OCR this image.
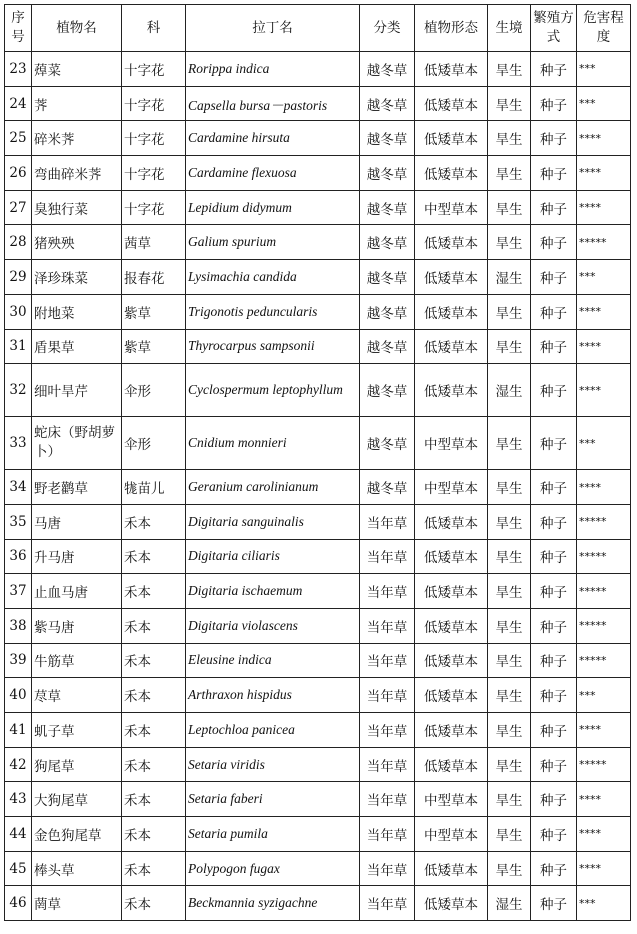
序号	植物名	科	拉丁名	分类	植物形态	生境	繁殖方式	危害程度
23	蔊菜	十字花	Rorippa indica	越冬草	低矮草本	旱生	种子	***
24	荠	十字花	Capsella bursa－pastoris	越冬草	低矮草本	旱生	种子	***
25	碎米荠	十字花	Cardamine hirsuta	越冬草	低矮草本	旱生	种子	****
26	弯曲碎米荠	十字花	Cardamine flexuosa	越冬草	低矮草本	旱生	种子	****
27	臭独行菜	十字花	Lepidium didymum	越冬草	中型草本	旱生	种子	****
28	猪殃殃	茜草	Galium spurium	越冬草	低矮草本	旱生	种子	*****
29	泽珍珠菜	报春花	Lysimachia candida	越冬草	低矮草本	湿生	种子	***
30	附地菜	紫草	Trigonotis peduncularis	越冬草	低矮草本	旱生	种子	****
31	盾果草	紫草	Thyrocarpus sampsonii	越冬草	低矮草本	旱生	种子	****
32	细叶旱芹	伞形	Cyclospermum leptophyllum	越冬草	低矮草本	湿生	种子	****
33	蛇床（野胡萝卜）	伞形	Cnidium monnieri	越冬草	中型草本	旱生	种子	***
34	野老鹳草	牻苗儿	Geranium carolinianum	越冬草	中型草本	旱生	种子	****
35	马唐	禾本	Digitaria sanguinalis	当年草	低矮草本	旱生	种子	*****
36	升马唐	禾本	Digitaria ciliaris	当年草	低矮草本	旱生	种子	*****
37	止血马唐	禾本	Digitaria ischaemum	当年草	低矮草本	旱生	种子	*****
38	紫马唐	禾本	Digitaria violascens	当年草	低矮草本	旱生	种子	*****
39	牛筋草	禾本	Eleusine indica	当年草	低矮草本	旱生	种子	*****
40	荩草	禾本	Arthraxon hispidus	当年草	低矮草本	旱生	种子	***
41	虮子草	禾本	Leptochloa panicea	当年草	低矮草本	旱生	种子	****
42	狗尾草	禾本	Setaria viridis	当年草	低矮草本	旱生	种子	*****
43	大狗尾草	禾本	Setaria faberi	当年草	中型草本	旱生	种子	****
44	金色狗尾草	禾本	Setaria pumila	当年草	中型草本	旱生	种子	****
45	棒头草	禾本	Polypogon fugax	当年草	低矮草本	旱生	种子	****
46	菵草	禾本	Beckmannia syzigachne	当年草	低矮草本	湿生	种子	***
